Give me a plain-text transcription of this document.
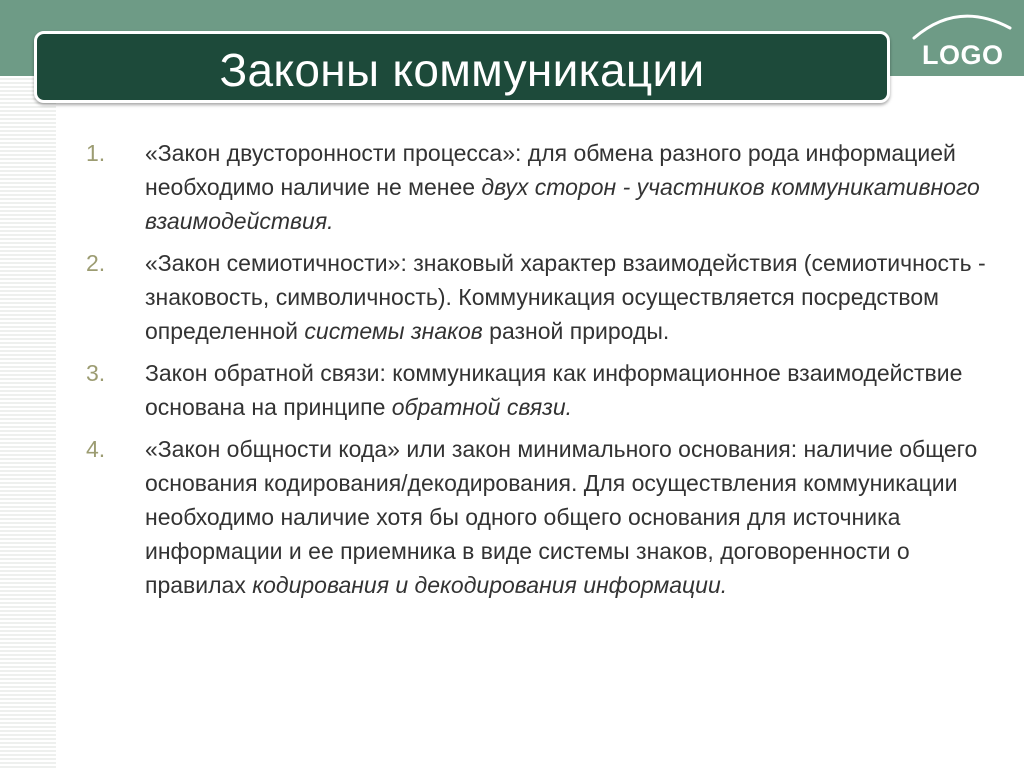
Законы коммуникации	LOGO
1. «Закон двусторонности процесса»: для обмена разного рода информацией необходимо наличие не менее двух сторон - участников коммуникативного взаимодействия.
2. «Закон семиотичности»: знаковый характер взаимодействия (семиотичность - знаковость, символичность). Коммуникация осуществляется посредством определенной системы знаков разной природы.
3. Закон обратной связи: коммуникация как информационное взаимодействие основана на принципе обратной связи.
4. «Закон общности кода» или закон минимального основания: наличие общего основания кодирования/декодирования. Для осуществления коммуникации необходимо наличие хотя бы одного общего основания для источника информации и ее приемника в виде системы знаков, договоренности о правилах кодирования и декодирования информации.
